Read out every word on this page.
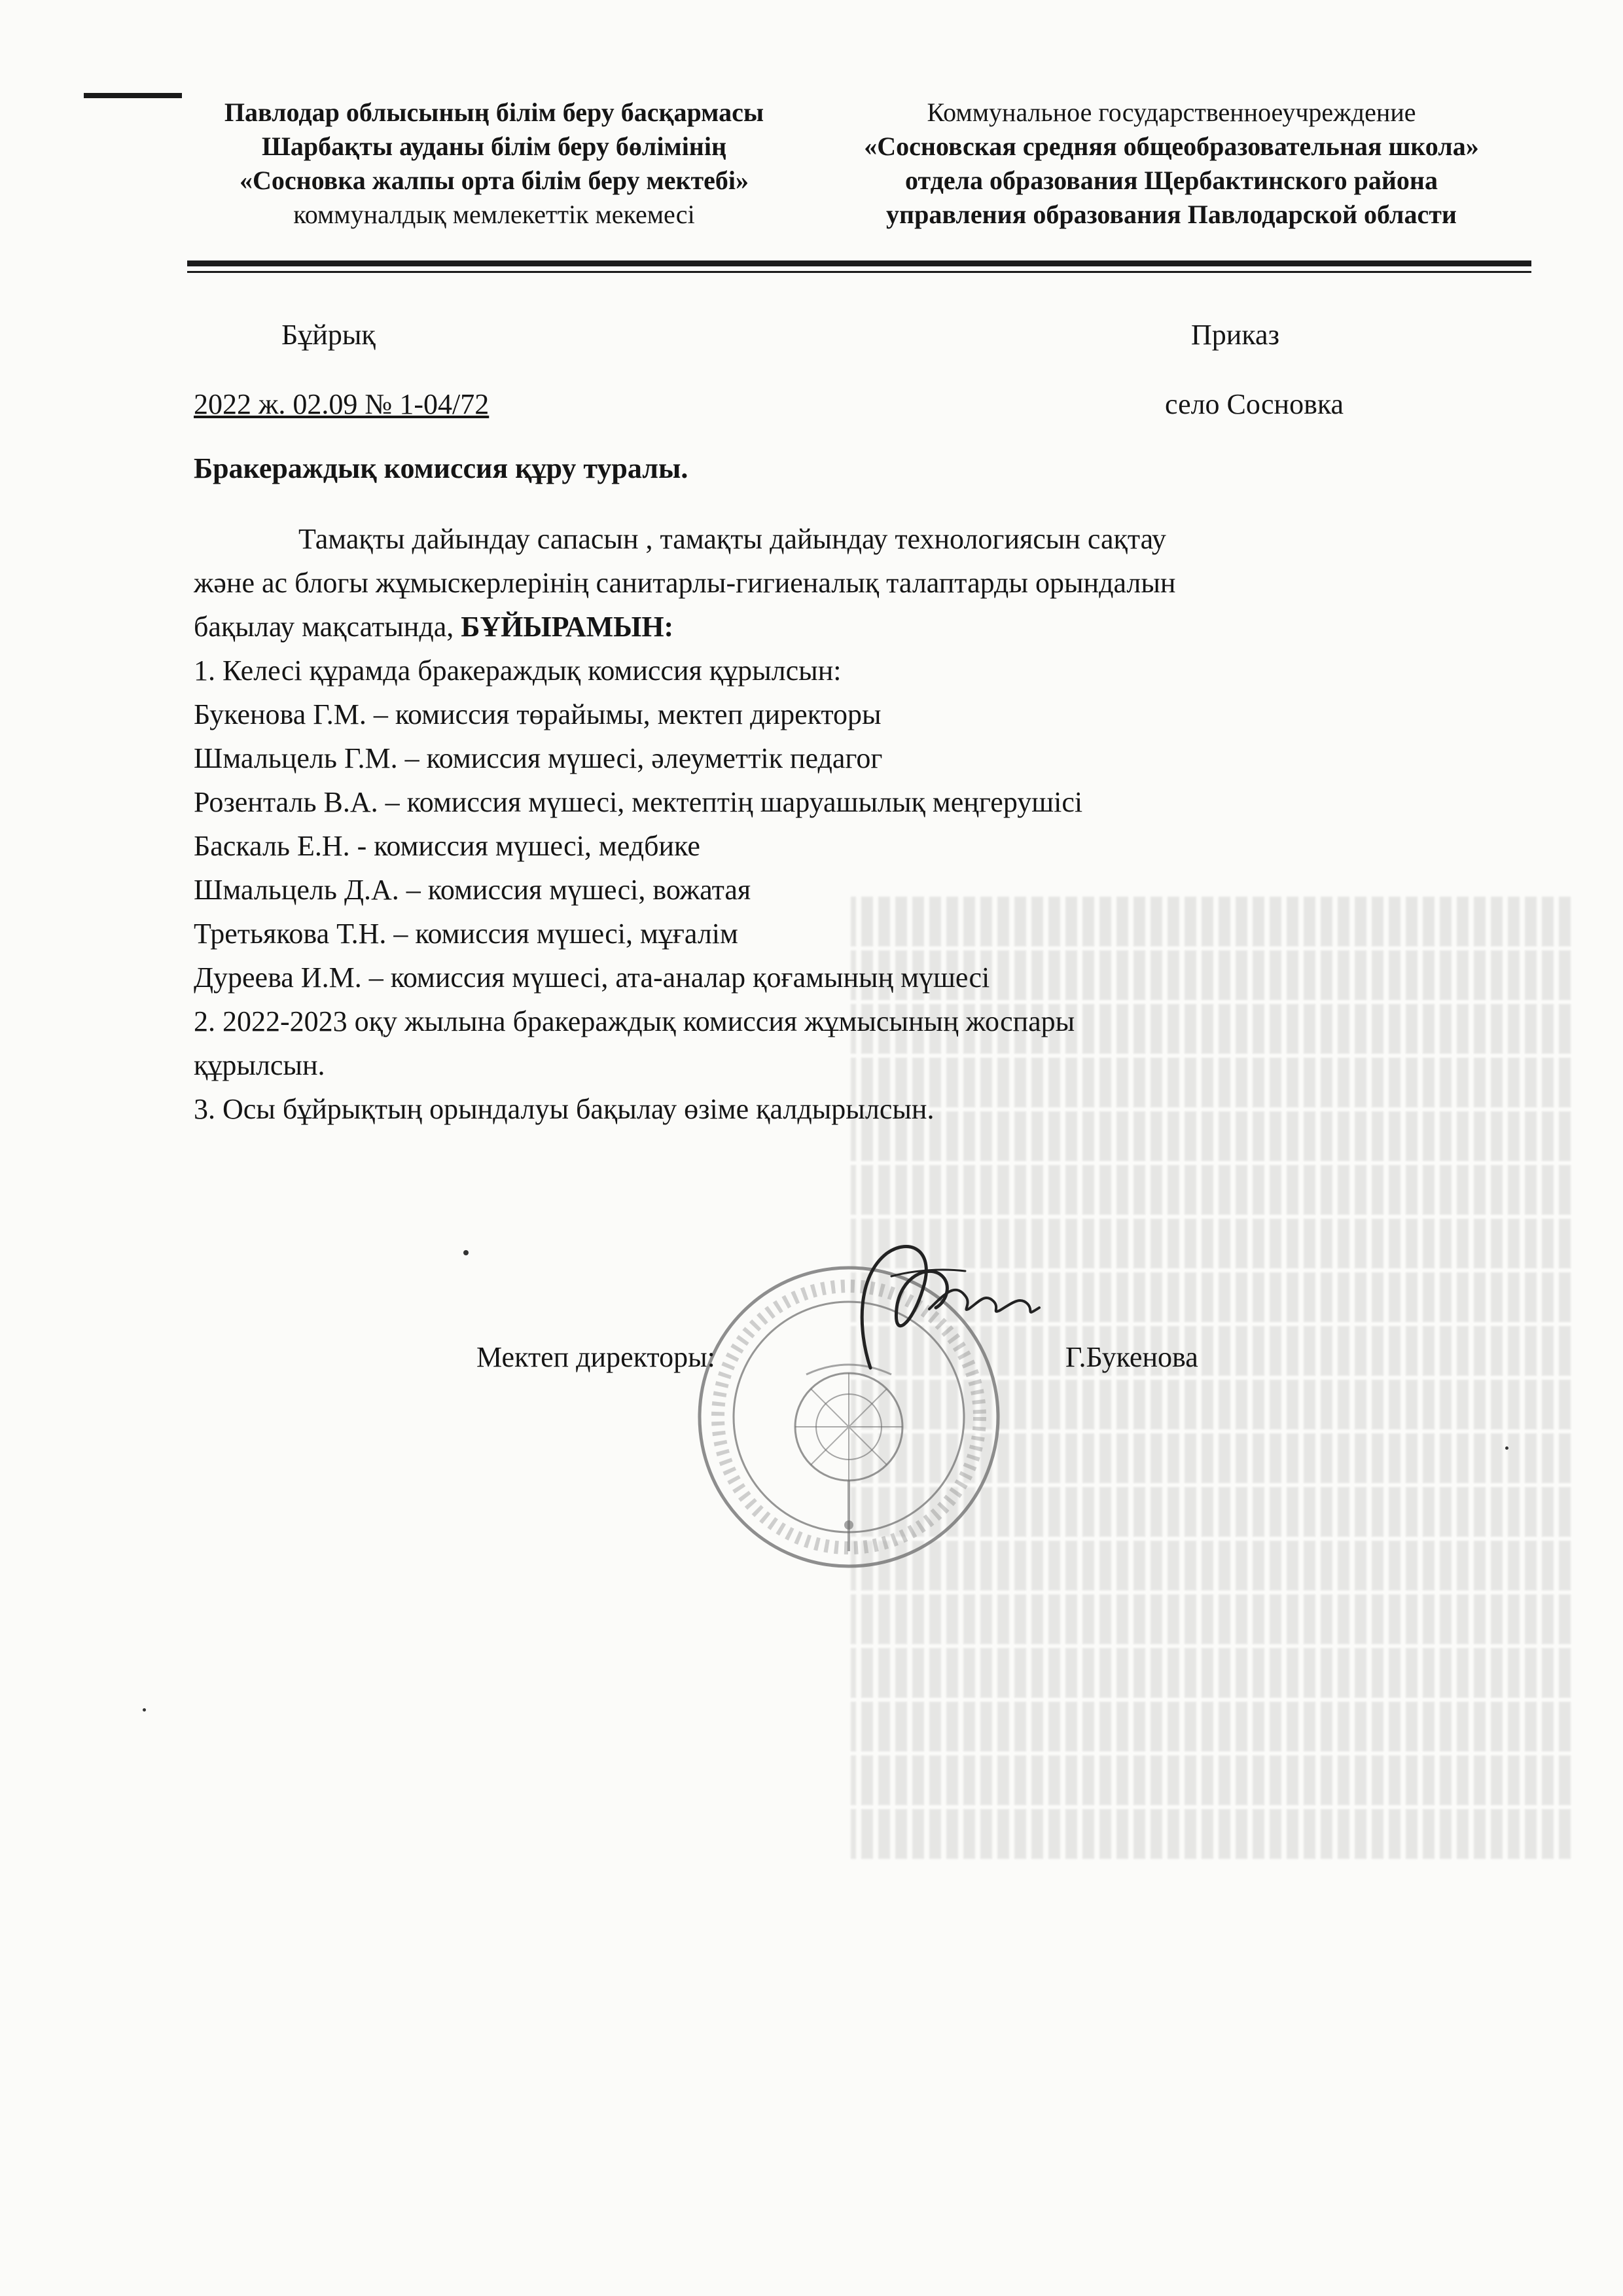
Павлодар облысының білім беру басқармасы
Шарбақты ауданы білім беру бөлімінің
«Сосновка жалпы орта білім беру мектебі»
коммуналдық мемлекеттік мекемесі
Коммунальное государственноеучреждение
«Сосновская средняя общеобразовательная школа»
отдела образования Щербактинского района
управления образования Павлодарской области
Бұйрық	Приказ
2022 ж. 02.09 № 1-04/72	село Сосновка
Бракераждық комиссия құру туралы.
Тамақты дайындау сапасын , тамақты дайындау технологиясын сақтау
және ас блогы жұмыскерлерінің санитарлы-гигиеналық талаптарды орындалын
бақылау мақсатында, БҰЙЫРАМЫН:
1. Келесі құрамда бракераждық комиссия құрылсын:
Букенова Г.М. – комиссия төрайымы, мектеп директоры
Шмальцель Г.М. – комиссия мүшесі, әлеуметтік педагог
Розенталь В.А. – комиссия мүшесі, мектептің шаруашылық меңгерушісі
Баскаль Е.Н. - комиссия мүшесі, медбике
Шмальцель Д.А. – комиссия мүшесі, вожатая
Третьякова Т.Н. – комиссия мүшесі, мұғалім
Дуреева И.М. – комиссия мүшесі, ата-аналар қоғамының мүшесі
2. 2022-2023 оқу жылына бракераждық комиссия жұмысының жоспары
құрылсын.
3. Осы бұйрықтың орындалуы бақылау өзіме қалдырылсын.
Мектеп директоры:	Г.Букенова
